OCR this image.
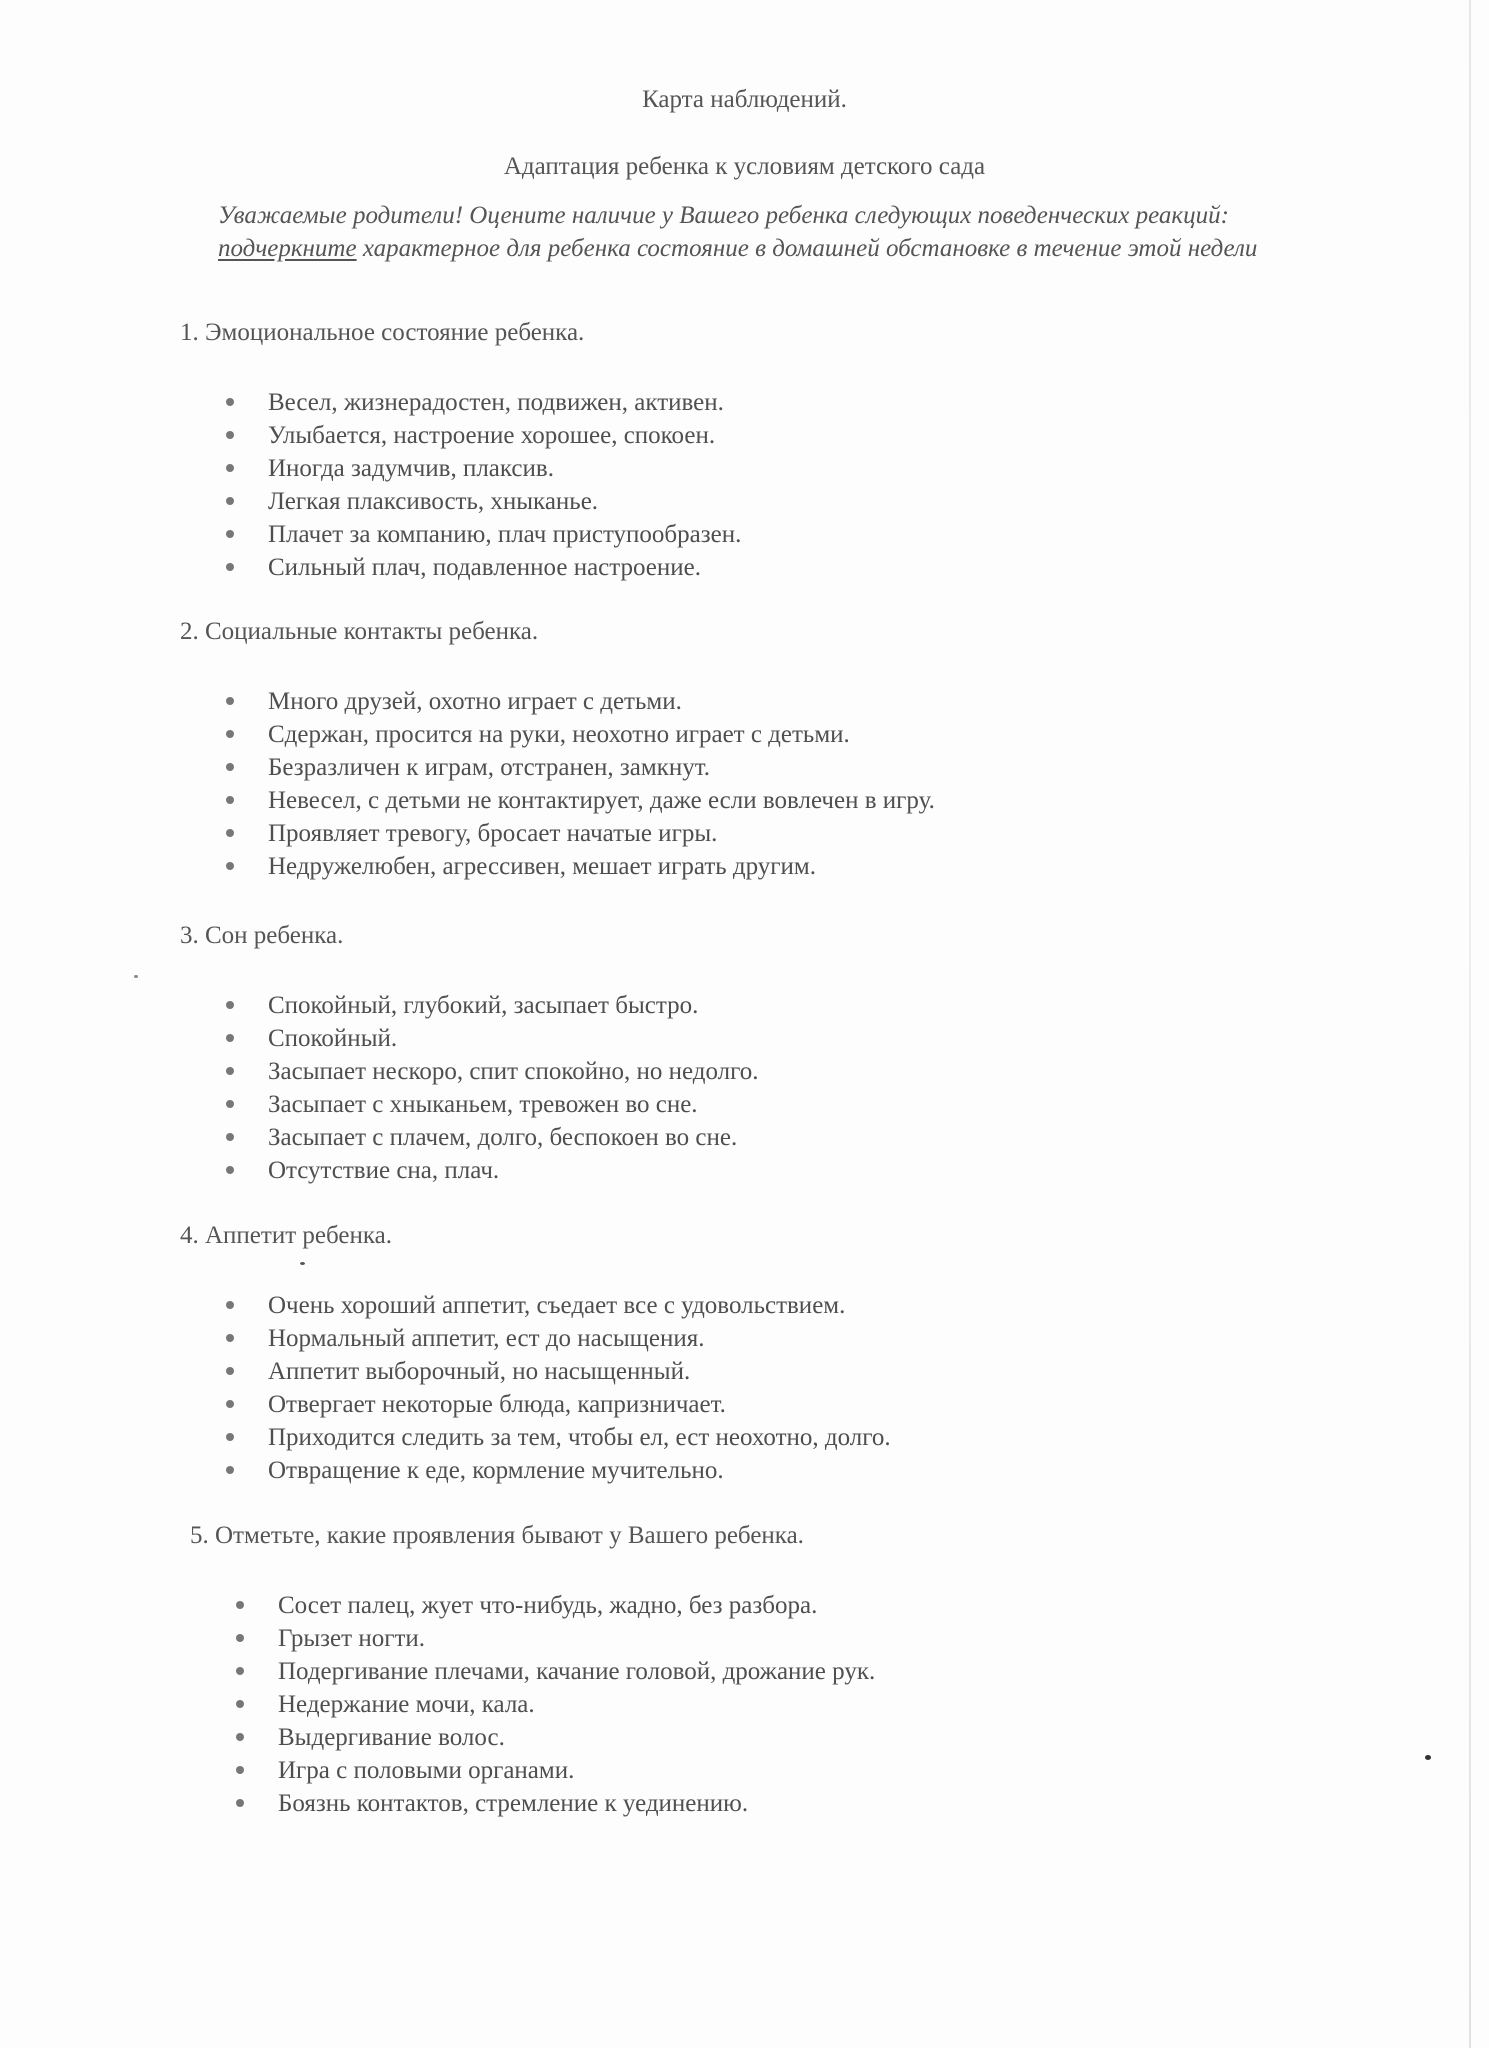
Карта наблюдений.
Адаптация ребенка к условиям детского сада
Уважаемые родители! Оцените наличие у Вашего ребенка следующих поведенческих реакций: подчеркните характерное для ребенка состояние в домашней обстановке в течение этой недели

1. Эмоциональное состояние ребенка.

Весел, жизнерадостен, подвижен, активен.
Улыбается, настроение хорошее, спокоен.
Иногда задумчив, плаксив.
Легкая плаксивость, хныканье.
Плачет за компанию, плач приступообразен.
Сильный плач, подавленное настроение.

2. Социальные контакты ребенка.

Много друзей, охотно играет с детьми.
Сдержан, просится на руки, неохотно играет с детьми.
Безразличен к играм, отстранен, замкнут.
Невесел, с детьми не контактирует, даже если вовлечен в игру.
Проявляет тревогу, бросает начатые игры.
Недружелюбен, агрессивен, мешает играть другим.

3. Сон ребенка.

Спокойный, глубокий, засыпает быстро.
Спокойный.
Засыпает нескоро, спит спокойно, но недолго.
Засыпает с хныканьем, тревожен во сне.
Засыпает с плачем, долго, беспокоен во сне.
Отсутствие сна, плач.

4. Аппетит ребенка.

Очень хороший аппетит, съедает все с удовольствием.
Нормальный аппетит, ест до насыщения.
Аппетит выборочный, но насыщенный.
Отвергает некоторые блюда, капризничает.
Приходится следить за тем, чтобы ел, ест неохотно, долго.
Отвращение к еде, кормление мучительно.

5. Отметьте, какие проявления бывают у Вашего ребенка.

Сосет палец, жует что-нибудь, жадно, без разбора.
Грызет ногти.
Подергивание плечами, качание головой, дрожание рук.
Недержание мочи, кала.
Выдергивание волос.
Игра с половыми органами.
Боязнь контактов, стремление к уединению.
